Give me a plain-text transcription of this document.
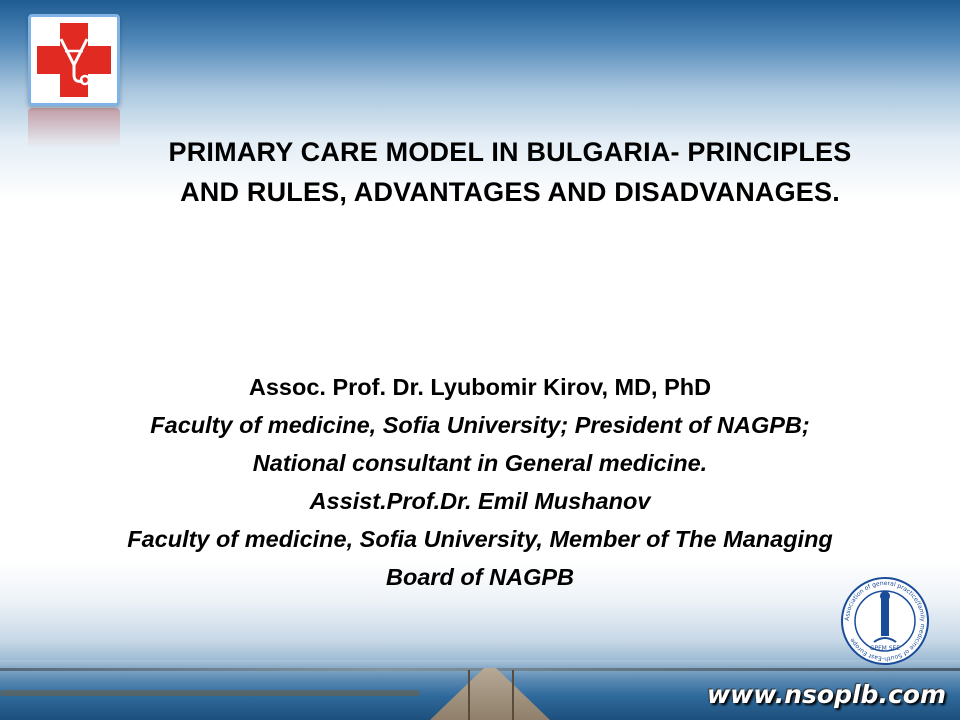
PRIMARY CARE MODEL IN BULGARIA- PRINCIPLES
AND RULES, ADVANTAGES AND DISADVANAGES.
Assoc. Prof. Dr. Lyubomir Kirov, MD, PhD
Faculty of medicine, Sofia University; President of NAGPB;
National consultant in General medicine.
Assist.Prof.Dr. Emil Mushanov
Faculty of medicine, Sofia University, Member of The Managing
Board of NAGPB
Association of general practice/family medicine of South-East Europe
GPFM SEE
www.nsoplb.com
